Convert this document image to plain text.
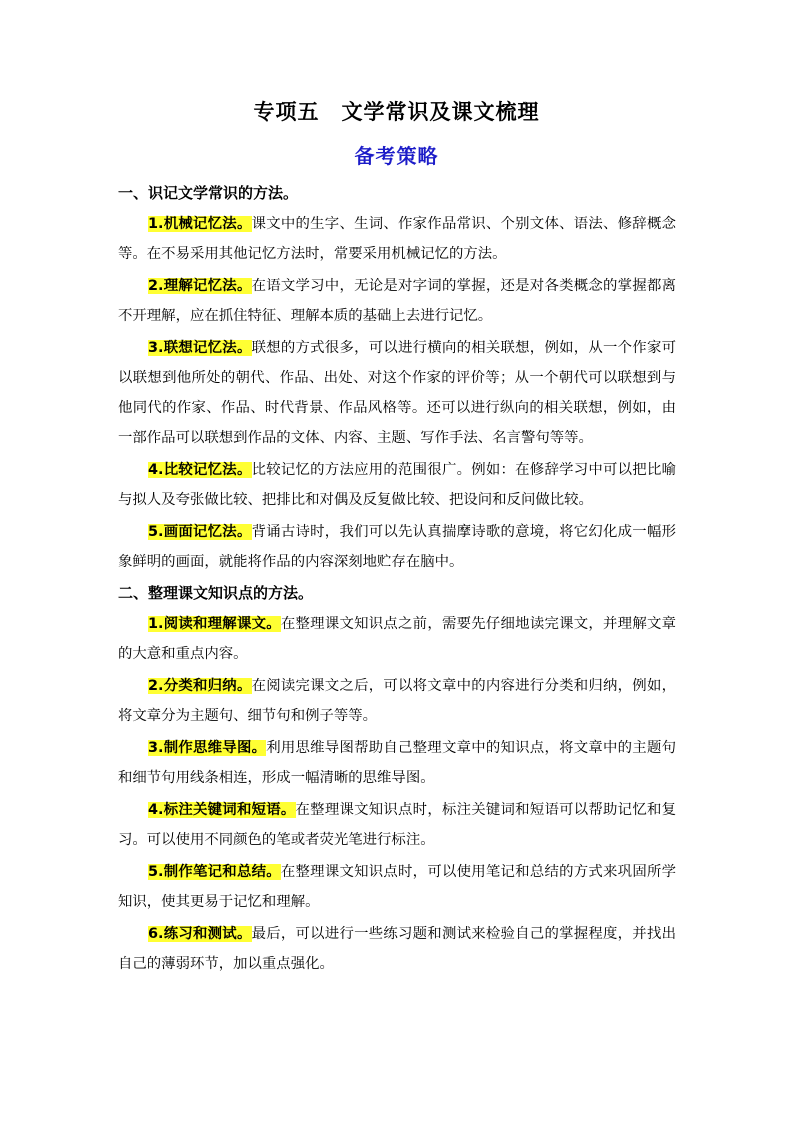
专项五 文学常识及课文梳理
备考策略
一、识记文学常识的方法。

1.机械记忆法。课文中的生字、生词、作家作品常识、个别文体、语法、修辞概念等。在不易采用其他记忆方法时，常要采用机械记忆的方法。

2.理解记忆法。在语文学习中，无论是对字词的掌握，还是对各类概念的掌握都离不开理解，应在抓住特征、理解本质的基础上去进行记忆。

3.联想记忆法。联想的方式很多，可以进行横向的相关联想，例如，从一个作家可以联想到他所处的朝代、作品、出处、对这个作家的评价等；从一个朝代可以联想到与他同代的作家、作品、时代背景、作品风格等。还可以进行纵向的相关联想，例如，由一部作品可以联想到作品的文体、内容、主题、写作手法、名言警句等等。

4.比较记忆法。比较记忆的方法应用的范围很广。例如：在修辞学习中可以把比喻与拟人及夸张做比较、把排比和对偶及反复做比较、把设问和反问做比较。

5.画面记忆法。背诵古诗时，我们可以先认真揣摩诗歌的意境，将它幻化成一幅形象鲜明的画面，就能将作品的内容深刻地贮存在脑中。

二、整理课文知识点的方法。

1.阅读和理解课文。在整理课文知识点之前，需要先仔细地读完课文，并理解文章的大意和重点内容。

2.分类和归纳。在阅读完课文之后，可以将文章中的内容进行分类和归纳，例如，将文章分为主题句、细节句和例子等等。

3.制作思维导图。利用思维导图帮助自己整理文章中的知识点，将文章中的主题句和细节句用线条相连，形成一幅清晰的思维导图。

4.标注关键词和短语。在整理课文知识点时，标注关键词和短语可以帮助记忆和复习。可以使用不同颜色的笔或者荧光笔进行标注。

5.制作笔记和总结。在整理课文知识点时，可以使用笔记和总结的方式来巩固所学知识，使其更易于记忆和理解。

6.练习和测试。最后，可以进行一些练习题和测试来检验自己的掌握程度，并找出自己的薄弱环节，加以重点强化。
